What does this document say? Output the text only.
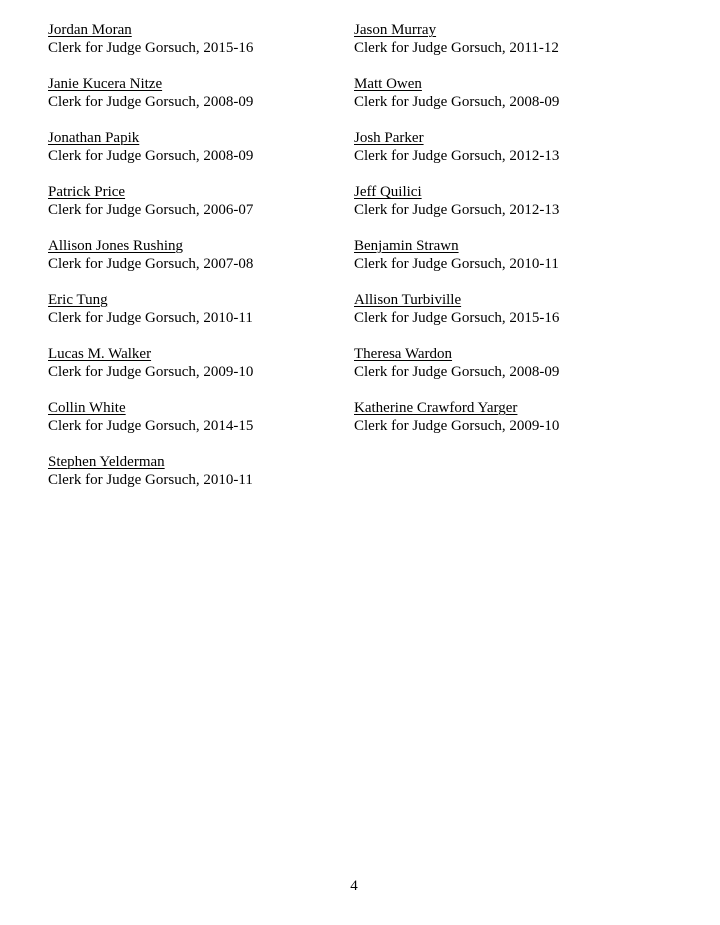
Jordan Moran
Clerk for Judge Gorsuch, 2015-16
Janie Kucera Nitze
Clerk for Judge Gorsuch, 2008-09
Jonathan Papik
Clerk for Judge Gorsuch, 2008-09
Patrick Price
Clerk for Judge Gorsuch, 2006-07
Allison Jones Rushing
Clerk for Judge Gorsuch, 2007-08
Eric Tung
Clerk for Judge Gorsuch, 2010-11
Lucas M. Walker
Clerk for Judge Gorsuch, 2009-10
Collin White
Clerk for Judge Gorsuch, 2014-15
Stephen Yelderman
Clerk for Judge Gorsuch, 2010-11
Jason Murray
Clerk for Judge Gorsuch, 2011-12
Matt Owen
Clerk for Judge Gorsuch, 2008-09
Josh Parker
Clerk for Judge Gorsuch, 2012-13
Jeff Quilici
Clerk for Judge Gorsuch, 2012-13
Benjamin Strawn
Clerk for Judge Gorsuch, 2010-11
Allison Turbiville
Clerk for Judge Gorsuch, 2015-16
Theresa Wardon
Clerk for Judge Gorsuch, 2008-09
Katherine Crawford Yarger
Clerk for Judge Gorsuch, 2009-10
4
